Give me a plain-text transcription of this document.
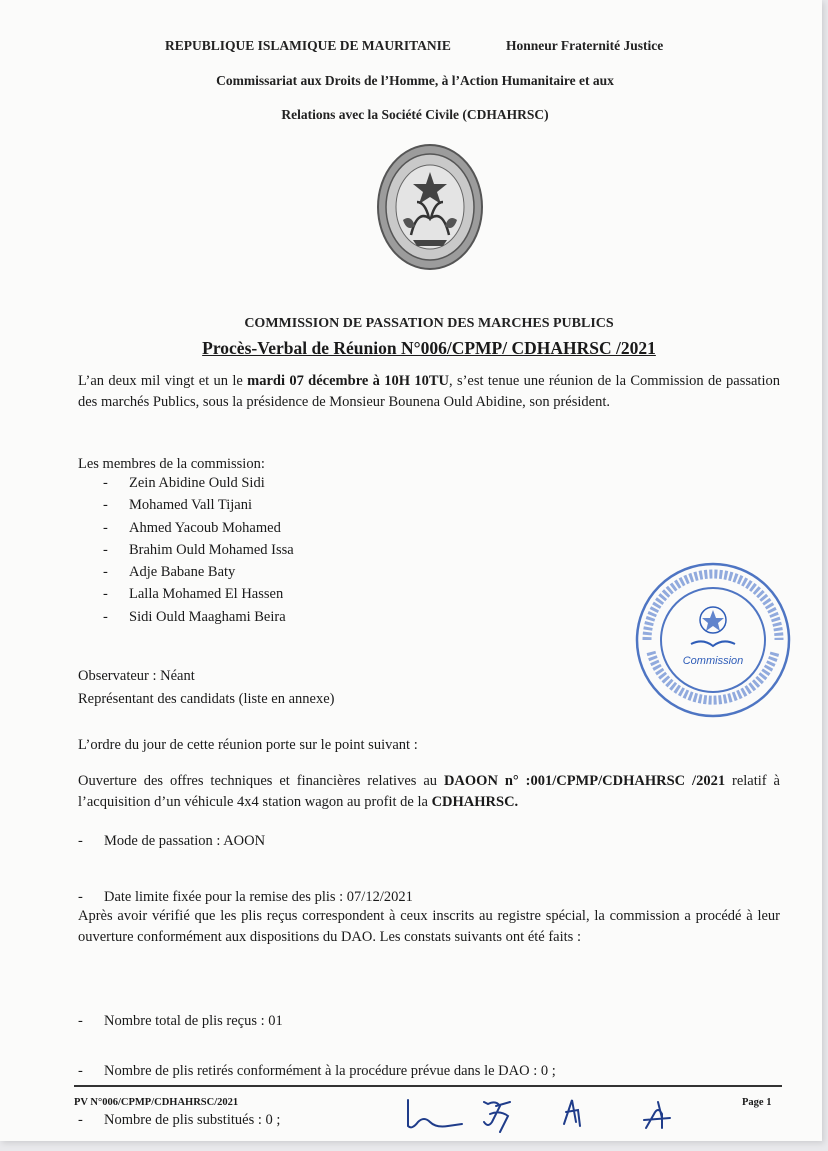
REPUBLIQUE ISLAMIQUE DE MAURITANIE	Honneur Fraternité Justice
Commissariat aux Droits de l’Homme, à l’Action Humanitaire et aux
Relations avec la Société Civile (CDHAHRSC)
COMMISSION DE PASSATION DES MARCHES PUBLICS
Procès-Verbal de Réunion N°006/CPMP/ CDHAHRSC /2021
L’an deux mil vingt et un le mardi 07 décembre à 10H 10TU, s’est tenue une réunion de la Commission de passation des marchés Publics, sous la présidence de Monsieur Bounena Ould Abidine, son président.
Les membres de la commission:
- Zein Abidine Ould Sidi
- Mohamed Vall Tijani
- Ahmed Yacoub Mohamed
- Brahim Ould Mohamed Issa
- Adje Babane Baty
- Lalla Mohamed El Hassen
- Sidi Ould Maaghami Beira
Commission
Observateur : Néant
Représentant des candidats (liste en annexe)
L’ordre du jour de cette réunion porte sur le point suivant :
Ouverture des offres techniques et financières relatives au DAOON n° :001/CPMP/CDHAHRSC /2021 relatif à l’acquisition d’un véhicule 4x4 station wagon au profit de la CDHAHRSC.
- Mode de passation : AOON
- Date limite fixée pour la remise des plis : 07/12/2021
Après avoir vérifié que les plis reçus correspondent à ceux inscrits au registre spécial, la commission a procédé à leur ouverture conformément aux dispositions du DAO. Les constats suivants ont été faits :
- Nombre total de plis reçus : 01
- Nombre de plis retirés conformément à la procédure prévue dans le DAO : 0 ;
- Nombre de plis substitués : 0 ;
PV N°006/CPMP/CDHAHRSC/2021	Page 1
